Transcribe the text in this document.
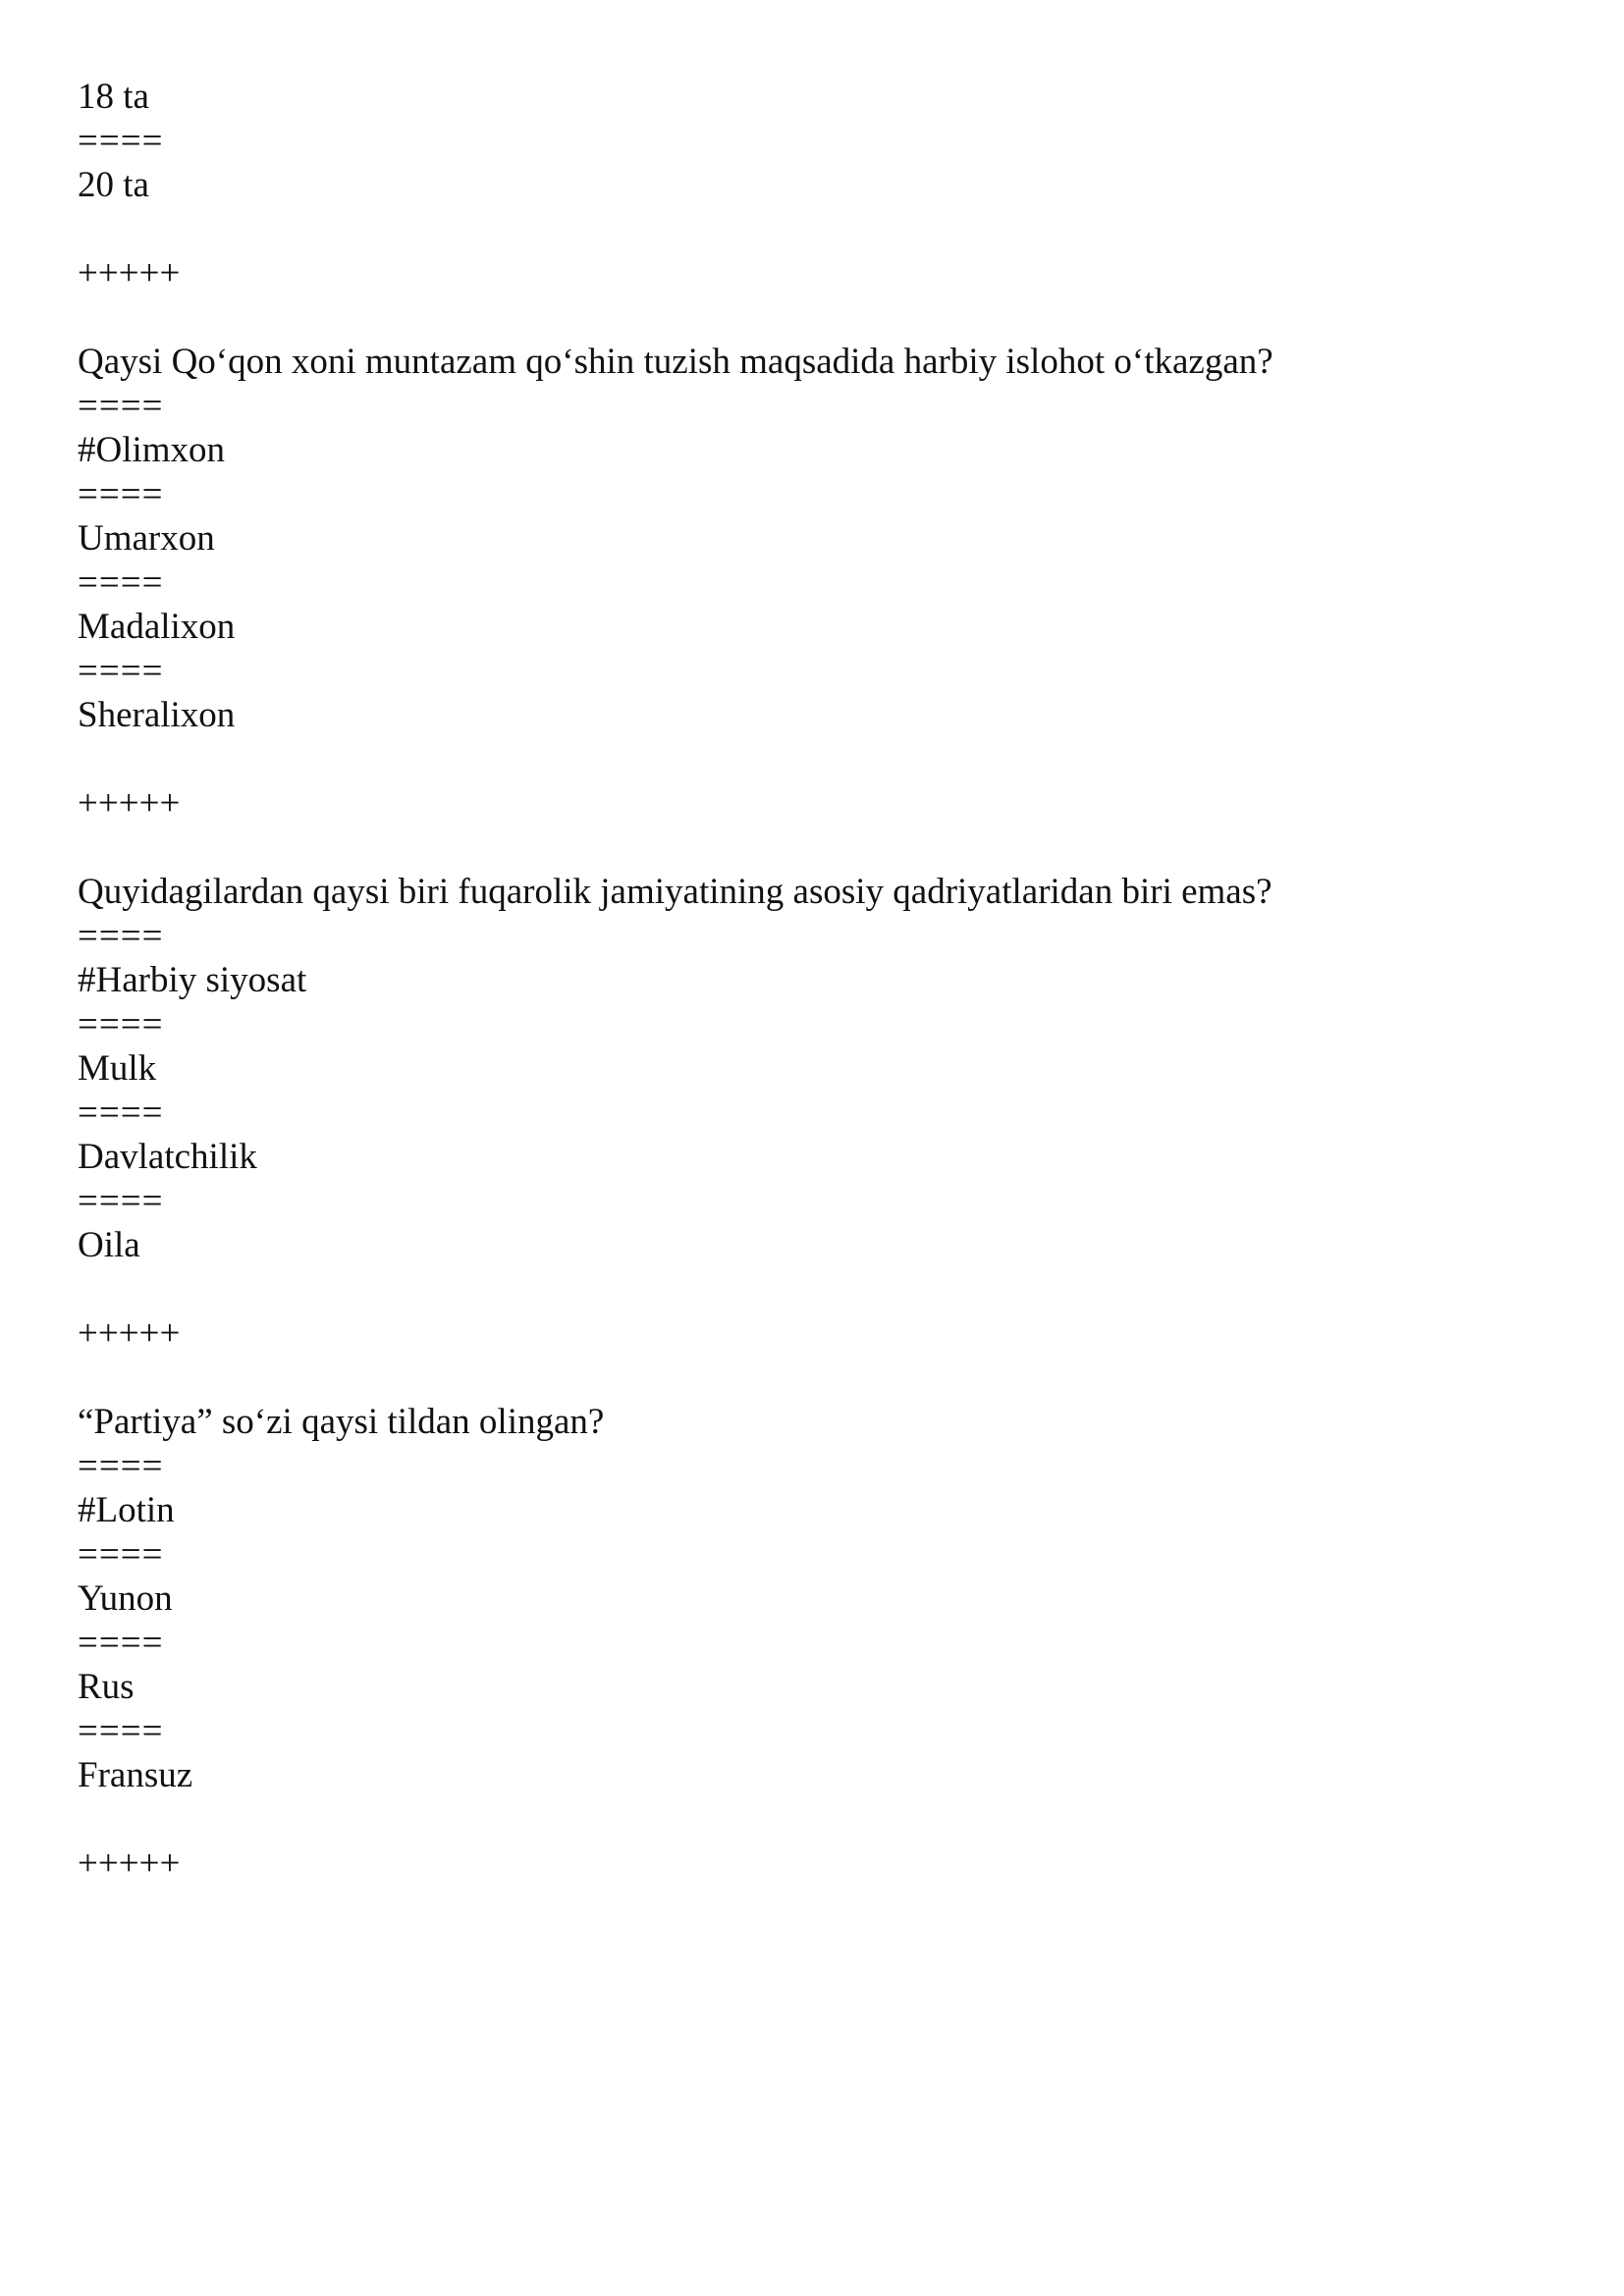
18 ta
====
20 ta
+++++
Qaysi Qo‘qon xoni muntazam qo‘shin tuzish maqsadida harbiy islohot o‘tkazgan?
====
#Olimxon
====
Umarxon
====
Madalixon
====
Sheralixon
+++++
Quyidagilardan qaysi biri fuqarolik jamiyatining asosiy qadriyatlaridan biri emas?
====
#Harbiy siyosat
====
Mulk
====
Davlatchilik
====
Oila
+++++
“Partiya” so‘zi qaysi tildan olingan?
====
#Lotin
====
Yunon
====
Rus
====
Fransuz
+++++
